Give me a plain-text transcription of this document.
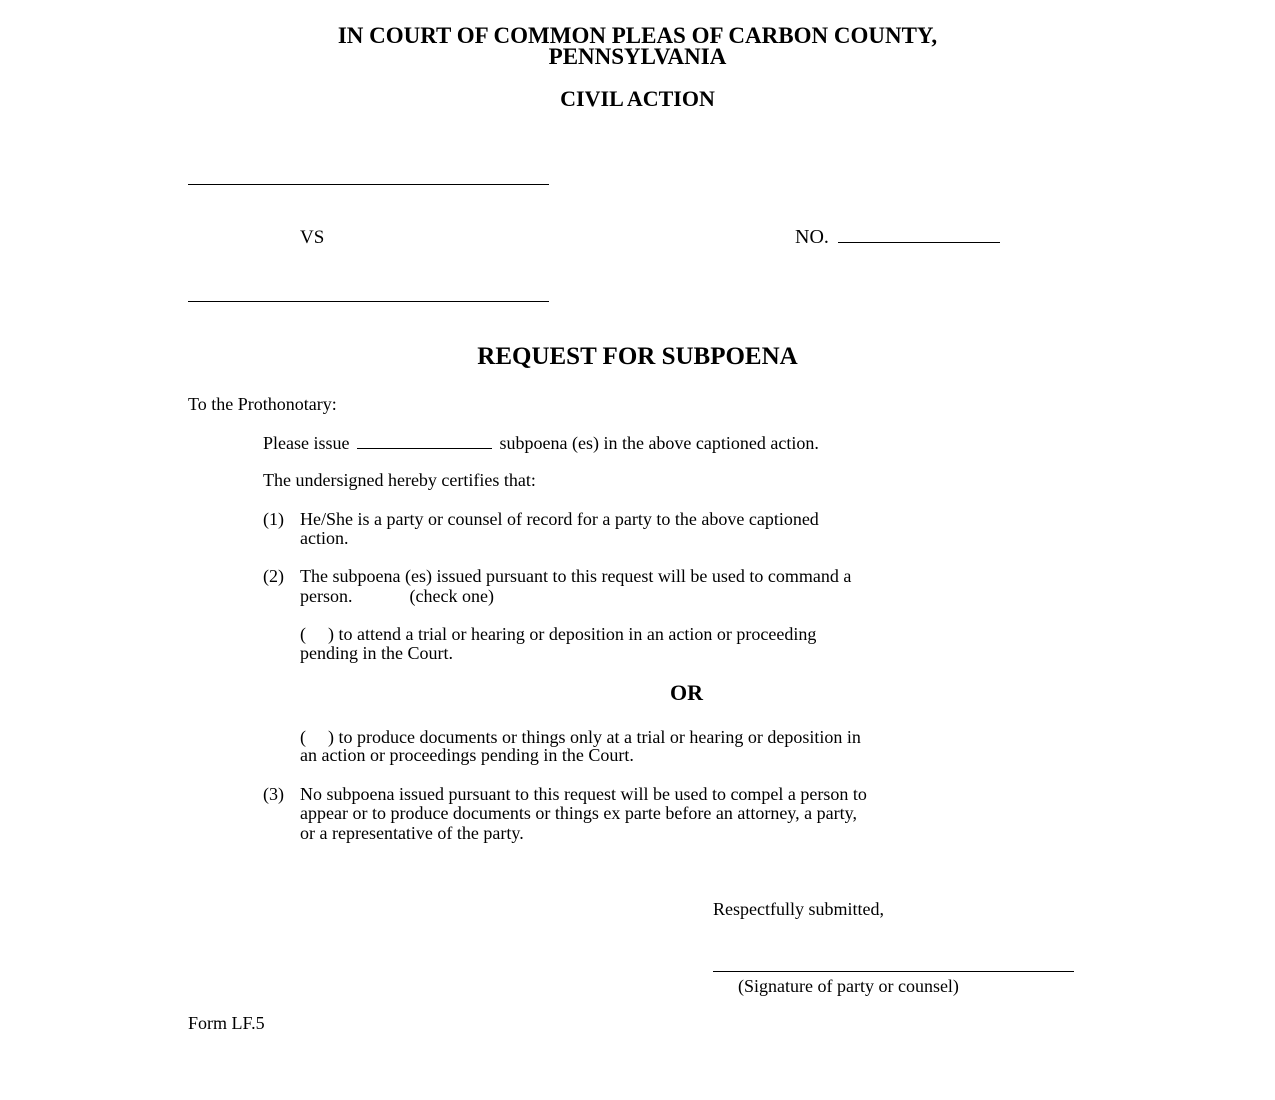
IN COURT OF COMMON PLEAS OF CARBON COUNTY,
PENNSYLVANIA
CIVIL ACTION
VS	NO.
REQUEST FOR SUBPOENA
To the Prothonotary:
Please issue	subpoena (es) in the above captioned action.
The undersigned hereby certifies that:
(1) He/She is a party or counsel of record for a party to the above captioned
action.
(2) The subpoena (es) issued pursuant to this request will be used to command a
person.	(check one)
( ) to attend a trial or hearing or deposition in an action or proceeding
pending in the Court.
OR
( ) to produce documents or things only at a trial or hearing or deposition in
an action or proceedings pending in the Court.
(3) No subpoena issued pursuant to this request will be used to compel a person to
appear or to produce documents or things ex parte before an attorney, a party,
or a representative of the party.
Respectfully submitted,
(Signature of party or counsel)
Form LF.5
